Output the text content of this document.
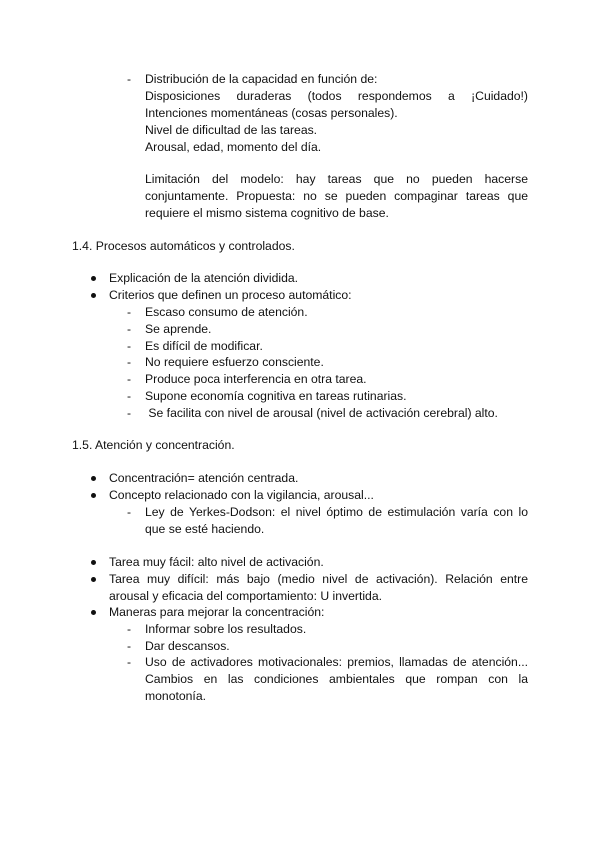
- Distribución de la capacidad en función de:
Disposiciones duraderas (todos respondemos a ¡Cuidado!)
Intenciones momentáneas (cosas personales).
Nivel de dificultad de las tareas.
Arousal, edad, momento del día.
Limitación del modelo: hay tareas que no pueden hacerse
conjuntamente. Propuesta: no se pueden compaginar tareas que
requiere el mismo sistema cognitivo de base.
1.4. Procesos automáticos y controlados.
Explicación de la atención dividida.
Criterios que definen un proceso automático:
- Escaso consumo de atención.
- Se aprende.
- Es difícil de modificar.
- No requiere esfuerzo consciente.
- Produce poca interferencia en otra tarea.
- Supone economía cognitiva en tareas rutinarias.
- Se facilita con nivel de arousal (nivel de activación cerebral) alto.
1.5. Atención y concentración.
Concentración= atención centrada.
Concepto relacionado con la vigilancia, arousal...
- Ley de Yerkes-Dodson: el nivel óptimo de estimulación varía con lo
que se esté haciendo.
Tarea muy fácil: alto nivel de activación.
Tarea muy difícil: más bajo (medio nivel de activación). Relación entre
arousal y eficacia del comportamiento: U invertida.
Maneras para mejorar la concentración:
- Informar sobre los resultados.
- Dar descansos.
- Uso de activadores motivacionales: premios, llamadas de atención...
Cambios en las condiciones ambientales que rompan con la
monotonía.
